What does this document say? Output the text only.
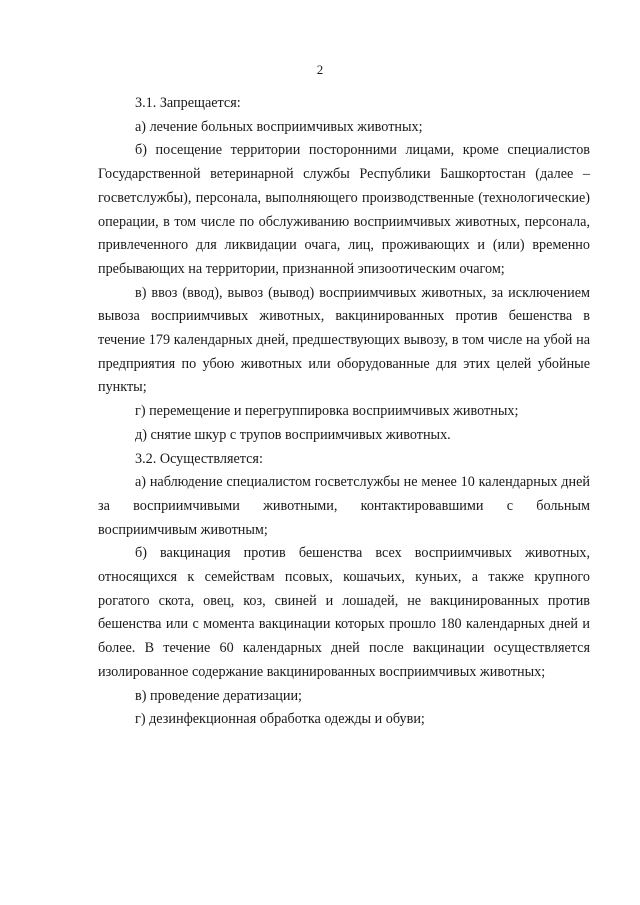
2

3.1. Запрещается:

а) лечение больных восприимчивых животных;

б) посещение территории посторонними лицами, кроме специалистов Государственной ветеринарной службы Республики Башкортостан (далее – госветслужбы), персонала, выполняющего производственные (технологические) операции, в том числе по обслуживанию восприимчивых животных, персонала, привлеченного для ликвидации очага, лиц, проживающих и (или) временно пребывающих на территории, признанной эпизоотическим очагом;

в) ввоз (ввод), вывоз (вывод) восприимчивых животных, за исключением вывоза восприимчивых животных, вакцинированных против бешенства в течение 179 календарных дней, предшествующих вывозу, в том числе на убой на предприятия по убою животных или оборудованные для этих целей убойные пункты;

г) перемещение и перегруппировка восприимчивых животных;

д) снятие шкур с трупов восприимчивых животных.

3.2. Осуществляется:

а) наблюдение специалистом госветслужбы не менее 10 календарных дней за восприимчивыми животными, контактировавшими с больным восприимчивым животным;

б) вакцинация против бешенства всех восприимчивых животных, относящихся к семействам псовых, кошачьих, куньих, а также крупного рогатого скота, овец, коз, свиней и лошадей, не вакцинированных против бешенства или с момента вакцинации которых прошло 180 календарных дней и более. В течение 60 календарных дней после вакцинации осуществляется изолированное содержание вакцинированных восприимчивых животных;

в) проведение дератизации;

г) дезинфекционная обработка одежды и обуви;
